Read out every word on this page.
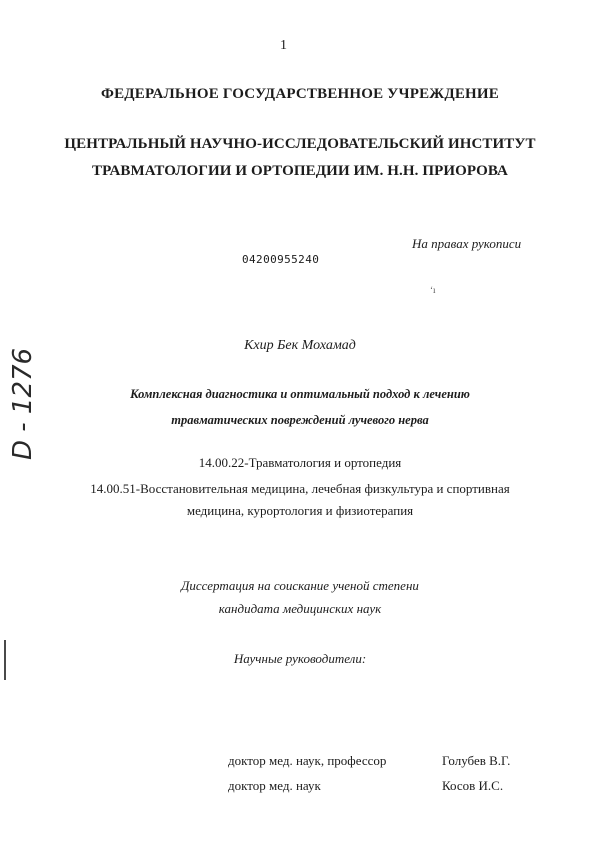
1
ФЕДЕРАЛЬНОЕ ГОСУДАРСТВЕННОЕ УЧРЕЖДЕНИЕ
ЦЕНТРАЛЬНЫЙ НАУЧНО-ИССЛЕДОВАТЕЛЬСКИЙ ИНСТИТУТ
ТРАВМАТОЛОГИИ И ОРТОПЕДИИ ИМ. Н.Н. ПРИОРОВА
На правах рукописи
04200955240
‘ı
Кхир Бек Мохамад
Комплексная диагностика и оптимальный подход к лечению
травматических повреждений лучевого нерва
14.00.22-Травматология и ортопедия
14.00.51-Восстановительная медицина, лечебная физкультура и спортивная
медицина, курортология и физиотерапия
Диссертация на соискание ученой степени
кандидата медицинских наук
Научные руководители:
доктор мед. наук, профессор	Голубев В.Г.
доктор мед. наук	Косов И.С.
D - 1276
